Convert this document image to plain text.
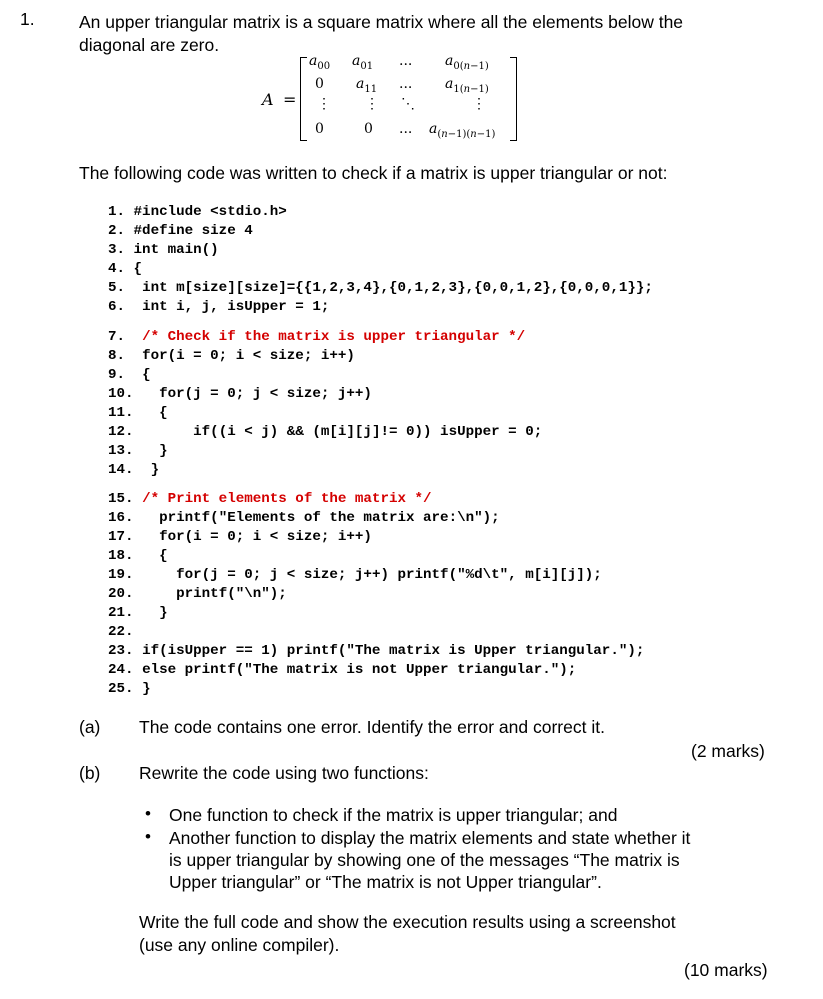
1.	An upper triangular matrix is a square matrix where all the elements below the
diagonal are zero.
A =
$a_{00}$ $a_{01}$ ... $a_{0(n-1)}$
0 $a_{11}$ ... $a_{1(n-1)}$
⋮ ⋮ ⋱	⋮
0	0 ... $a_{(n-1)(n-1)}$
The following code was written to check if a matrix is upper triangular or not:
1. #include <stdio.h>
2. #define size 4
3. int main()
4. {
5. int m[size][size]={{1,2,3,4},{0,1,2,3},{0,0,1,2},{0,0,0,1}};
6. int i, j, isUpper = 1;
7. /* Check if the matrix is upper triangular */
8. for(i = 0; i < size; i++)
9. {
10. for(j = 0; j < size; j++)
11. {
12.	if((i < j) && (m[i][j]!= 0)) isUpper = 0;
13. }
14. }
15. /* Print elements of the matrix */
16. printf("Elements of the matrix are:\n");
17. for(i = 0; i < size; i++)
18. {
19.	for(j = 0; j < size; j++) printf("%d\t", m[i][j]);
20.	printf("\n");
21. }
22.
23. if(isUpper == 1) printf("The matrix is Upper triangular.");
24. else printf("The matrix is not Upper triangular.");
25. }
(a) The code contains one error. Identify the error and correct it.
(2 marks)
(b) Rewrite the code using two functions:
• One function to check if the matrix is upper triangular; and
• Another function to display the matrix elements and state whether it
is upper triangular by showing one of the messages “The matrix is
Upper triangular” or “The matrix is not Upper triangular”.
Write the full code and show the execution results using a screenshot
(use any online compiler).
(10 marks)
